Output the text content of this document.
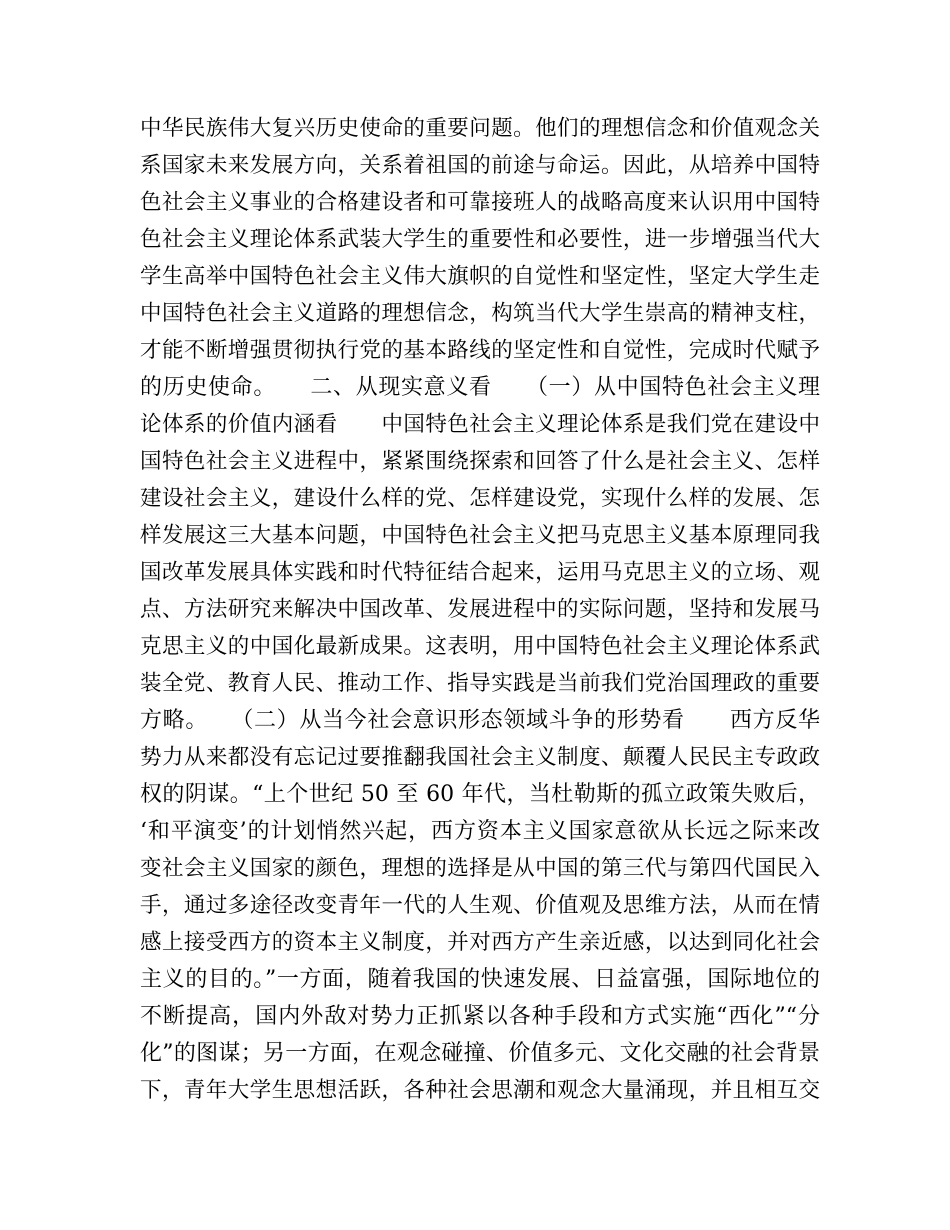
中华民族伟大复兴历史使命的重要问题。他们的理想信念和价值观念关
系国家未来发展方向，关系着祖国的前途与命运。因此，从培养中国特
色社会主义事业的合格建设者和可靠接班人的战略高度来认识用中国特
色社会主义理论体系武装大学生的重要性和必要性，进一步增强当代大
学生高举中国特色社会主义伟大旗帜的自觉性和坚定性，坚定大学生走
中国特色社会主义道路的理想信念，构筑当代大学生崇高的精神支柱，
才能不断增强贯彻执行党的基本路线的坚定性和自觉性，完成时代赋予
的历史使命。　　二、从现实意义看　　（一）从中国特色社会主义理
论体系的价值内涵看　　中国特色社会主义理论体系是我们党在建设中
国特色社会主义进程中，紧紧围绕探索和回答了什么是社会主义、怎样
建设社会主义，建设什么样的党、怎样建设党，实现什么样的发展、怎
样发展这三大基本问题，中国特色社会主义把马克思主义基本原理同我
国改革发展具体实践和时代特征结合起来，运用马克思主义的立场、观
点、方法研究来解决中国改革、发展进程中的实际问题，坚持和发展马
克思主义的中国化最新成果。这表明，用中国特色社会主义理论体系武
装全党、教育人民、推动工作、指导实践是当前我们党治国理政的重要
方略。　　（二）从当今社会意识形态领域斗争的形势看　　西方反华
势力从来都没有忘记过要推翻我国社会主义制度、颠覆人民民主专政政
权的阴谋。“上个世纪 50 至 60 年代，当杜勒斯的孤立政策失败后，
‘和平演变’的计划悄然兴起，西方资本主义国家意欲从长远之际来改
变社会主义国家的颜色，理想的选择是从中国的第三代与第四代国民入
手，通过多途径改变青年一代的人生观、价值观及思维方法，从而在情
感上接受西方的资本主义制度，并对西方产生亲近感，以达到同化社会
主义的目的。”一方面，随着我国的快速发展、日益富强，国际地位的
不断提高，国内外敌对势力正抓紧以各种手段和方式实施“西化”“分
化”的图谋；另一方面，在观念碰撞、价值多元、文化交融的社会背景
下，青年大学生思想活跃，各种社会思潮和观念大量涌现，并且相互交
